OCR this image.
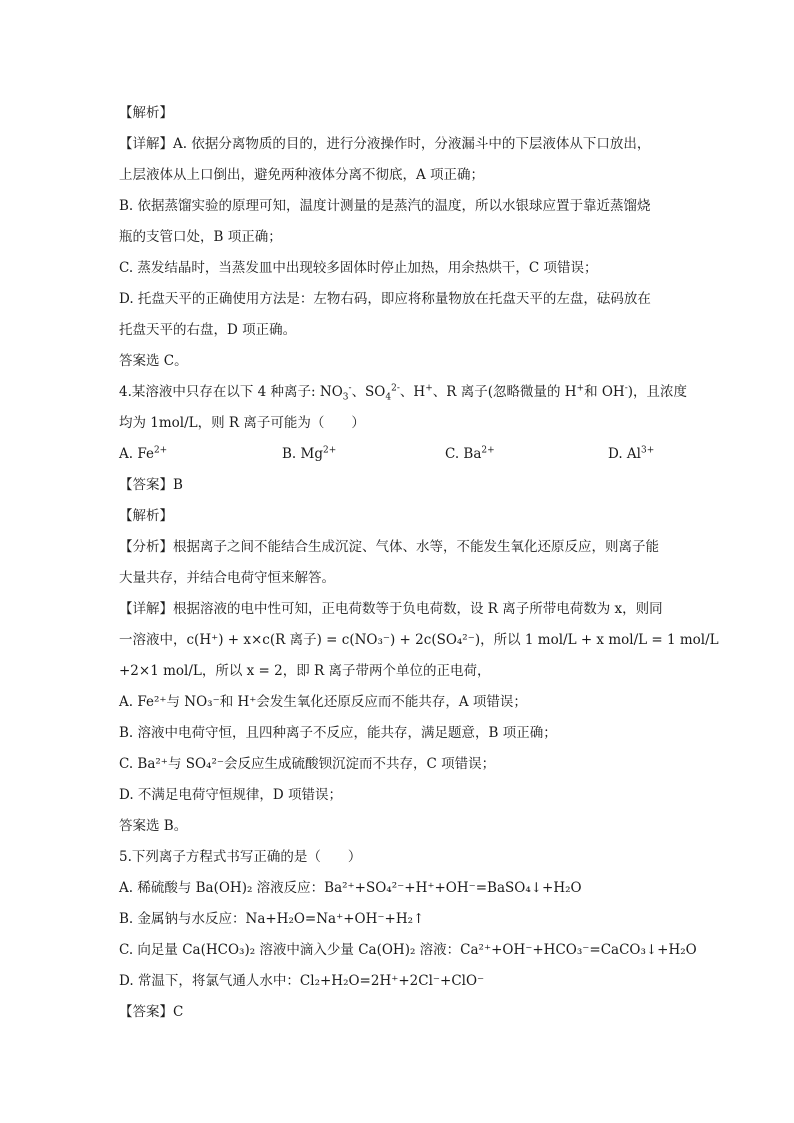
【解析】
【详解】A. 依据分离物质的目的，进行分液操作时，分液漏斗中的下层液体从下口放出，
上层液体从上口倒出，避免两种液体分离不彻底，A 项正确；
B. 依据蒸馏实验的原理可知，温度计测量的是蒸汽的温度，所以水银球应置于靠近蒸馏烧
瓶的支管口处，B 项正确；
C. 蒸发结晶时，当蒸发皿中出现较多固体时停止加热，用余热烘干，C 项错误；
D. 托盘天平的正确使用方法是：左物右码，即应将称量物放在托盘天平的左盘，砝码放在
托盘天平的右盘，D 项正确。
答案选 C。
4.某溶液中只存在以下 4 种离子: $NO_3^-$、$SO_4^{2-}$、H+、R 离子(忽略微量的 H+和 OH-)，且浓度
均为 1mol/L，则 R 离子可能为（　　）
A. $Fe^{2+}$	B. $Mg^{2+}$	C. $Ba^{2+}$	D. $Al^{3+}$
【答案】B
【解析】
【分析】根据离子之间不能结合生成沉淀、气体、水等，不能发生氧化还原反应，则离子能
大量共存，并结合电荷守恒来解答。
【详解】根据溶液的电中性可知，正电荷数等于负电荷数，设 R 离子所带电荷数为 x，则同
一溶液中，c(H⁺) + x×c(R 离子) = c(NO₃⁻) + 2c(SO₄²⁻)，所以 1 mol/L + x mol/L = 1 mol/L
+2×1 mol/L，所以 x = 2，即 R 离子带两个单位的正电荷，
A. Fe²⁺与 NO₃⁻和 H⁺会发生氧化还原反应而不能共存，A 项错误；
B. 溶液中电荷守恒，且四种离子不反应，能共存，满足题意，B 项正确；
C. Ba²⁺与 SO₄²⁻会反应生成硫酸钡沉淀而不共存，C 项错误；
D. 不满足电荷守恒规律，D 项错误；
答案选 B。
5.下列离子方程式书写正确的是（　　）
A. 稀硫酸与 Ba(OH)₂ 溶液反应：Ba²⁺+SO₄²⁻+H⁺+OH⁻=BaSO₄↓+H₂O
B. 金属钠与水反应：Na+H₂O=Na⁺+OH⁻+H₂↑
C. 向足量 Ca(HCO₃)₂ 溶液中滴入少量 Ca(OH)₂ 溶液：Ca²⁺+OH⁻+HCO₃⁻=CaCO₃↓+H₂O
D. 常温下，将氯气通人水中：Cl₂+H₂O=2H⁺+2Cl⁻+ClO⁻
【答案】C
